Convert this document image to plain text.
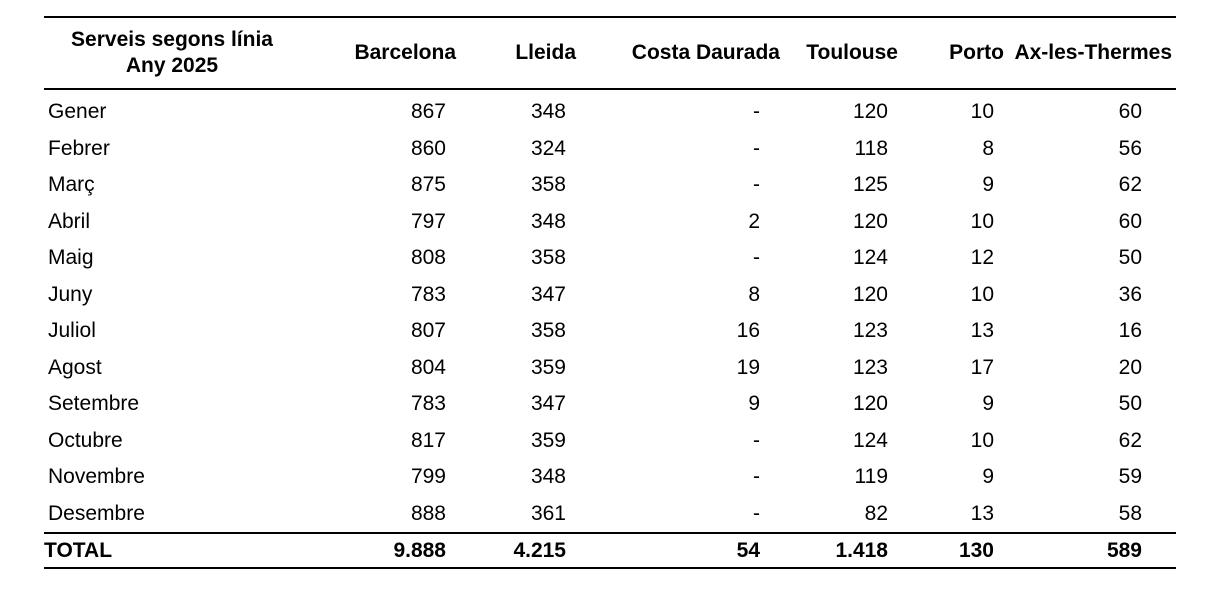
Serveis segons línia
Any 2025	Barcelona	Lleida	Costa Daurada	Toulouse	Porto	Ax-les-Thermes
Gener	867	348	-	120	10	60
Febrer	860	324	-	118	8	56
Març	875	358	-	125	9	62
Abril	797	348	2	120	10	60
Maig	808	358	-	124	12	50
Juny	783	347	8	120	10	36
Juliol	807	358	16	123	13	16
Agost	804	359	19	123	17	20
Setembre	783	347	9	120	9	50
Octubre	817	359	-	124	10	62
Novembre	799	348	-	119	9	59
Desembre	888	361	-	82	13	58
TOTAL	9.888	4.215	54	1.418	130	589
